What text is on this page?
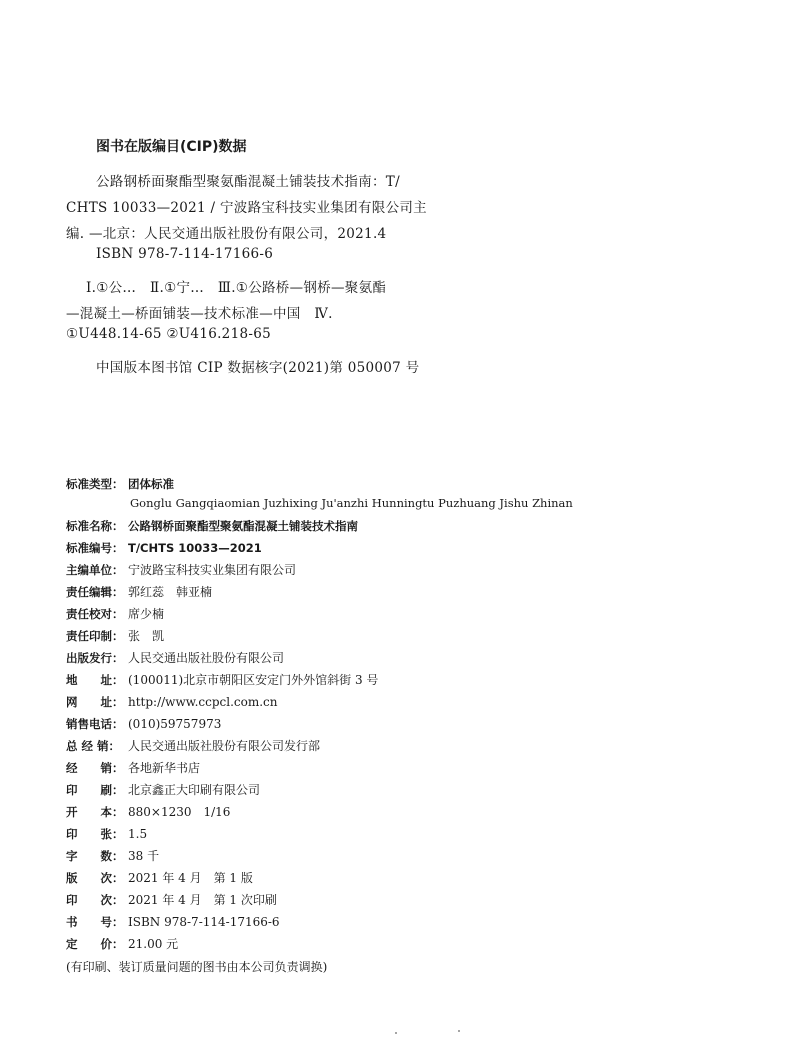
图书在版编目(CIP)数据
公路钢桥面聚酯型聚氨酯混凝土铺装技术指南：T/
CHTS 10033—2021 / 宁波路宝科技实业集团有限公司主
编. —北京：人民交通出版社股份有限公司，2021.4
ISBN 978-7-114-17166-6
Ⅰ.①公…　Ⅱ.①宁…　Ⅲ.①公路桥—钢桥—聚氨酯
—混凝土—桥面铺装—技术标准—中国　Ⅳ.
①U448.14-65 ②U416.218-65
中国版本图书馆 CIP 数据核字(2021)第 050007 号
标准类型： 团体标准
Gonglu Gangqiaomian Juzhixing Ju'anzhi Hunningtu Puzhuang Jishu Zhinan
标准名称： 公路钢桥面聚酯型聚氨酯混凝土铺装技术指南
标准编号： T/CHTS 10033—2021
主编单位： 宁波路宝科技实业集团有限公司
责任编辑： 郭红蕊　韩亚楠
责任校对： 席少楠
责任印制： 张　凯
出版发行： 人民交通出版社股份有限公司
地　　址： (100011)北京市朝阳区安定门外外馆斜街 3 号
网　　址： http://www.ccpcl.com.cn
销售电话： (010)59757973
总 经 销： 人民交通出版社股份有限公司发行部
经　　销： 各地新华书店
印　　刷： 北京鑫正大印刷有限公司
开　　本： 880×1230　1/16
印　　张： 1.5
字　　数： 38 千
版　　次： 2021 年 4 月　第 1 版
印　　次： 2021 年 4 月　第 1 次印刷
书　　号： ISBN 978-7-114-17166-6
定　　价： 21.00 元
(有印刷、装订质量问题的图书由本公司负责调换)
